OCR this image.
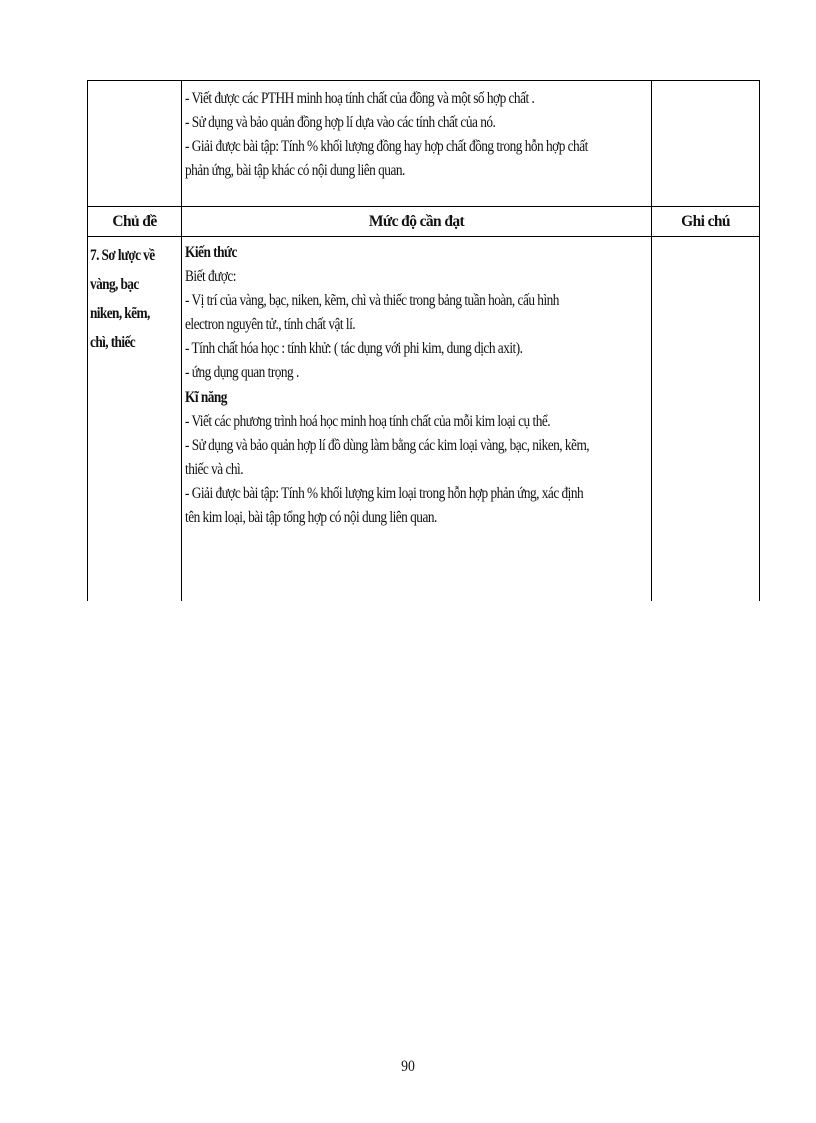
- Viết được các PTHH minh hoạ tính chất của đồng và một số hợp chất .
- Sử dụng và bảo quản đồng hợp lí dựa vào các tính chất của nó.
- Giải được bài tập: Tính % khối lượng đồng hay hợp chất đồng trong hỗn hợp chất
phản ứng, bài tập khác có nội dung liên quan.
Chủ đề	Mức độ cần đạt	Ghi chú
7. Sơ lược về
vàng, bạc
niken, kẽm,
chì, thiếc
Kiến thức
Biết được:
- Vị trí của vàng, bạc, niken, kẽm, chì và thiếc trong bảng tuần hoàn, cấu hình
electron nguyên tử., tính chất vật lí.
- Tính chất hóa học : tính khử: ( tác dụng với phi kim, dung dịch axit).
- ứng dụng quan trọng .
Kĩ năng
- Viết các phương trình hoá học minh hoạ tính chất của mỗi kim loại cụ thể.
- Sử dụng và bảo quản hợp lí đồ dùng làm bằng các kim loại vàng, bạc, niken, kẽm,
thiếc và chì.
- Giải được bài tập: Tính % khối lượng kim loại trong hỗn hợp phản ứng, xác định
tên kim loại, bài tập tổng hợp có nội dung liên quan.
90
